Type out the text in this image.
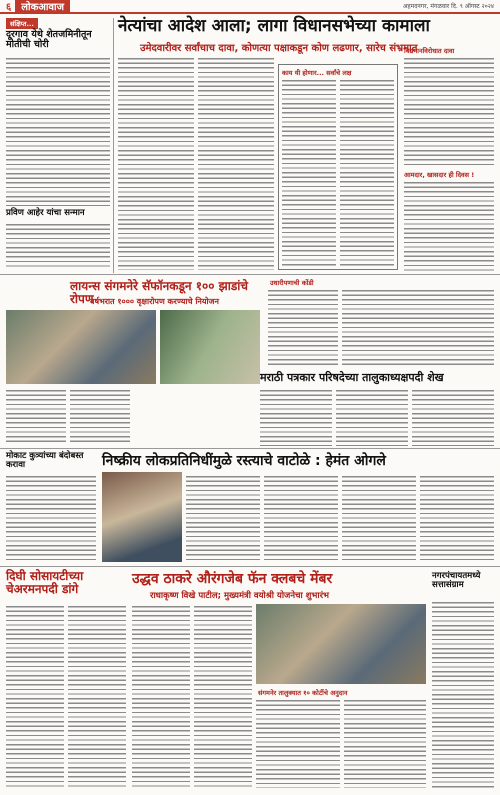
६	लोकआवाज	अहमदनगर, मंगळवार दि. ९ ऑगस्ट २०२४
संक्षिप्त...
दूरगाव येथे शेतजमिनीतून मोतीची चोरी
प्रविण आहेर यांचा सन्मान
नेत्यांचा आदेश आला; लागा विधानसभेच्या कामाला
उमेदवारीवर सर्वांचाच दावा, कोणत्या पक्षाकडून कोण लढणार, सारेच संभ्रमात
काय यी होणार... सर्वांचे लक्ष
विद्यमानविरोधात दावा
आमदार, खासदार ही दिवस !
लायन्स संगमनेरे सॅफॉनकडून १०० झाडांचे रोपण
वर्षभरात १००० वृक्षारोपण करण्याचे नियोजन
उधारीपणाची कोंडी
मराठी पत्रकार परिषदेच्या तालुकाध्यक्षपदी शेख
मोकाट कुत्र्यांच्या बंदोबस्त करावा	निष्क्रीय लोकप्रतिनिधींमुळे रस्त्याचे वाटोळे : हेमंत ओगले
दिघी सोसायटीच्या चेअरमनपदी डांगे
उद्धव ठाकरे औरंगजेब फॅन क्लबचे मेंबर
राधाकृष्ण विखे पाटील; मुख्यमंत्री वयोश्री योजनेचा शुभारंभ
संगमनेर तालुक्यात १० कोटींचे अनुदान
नगरपंचायतमध्ये सत्तासंग्राम
